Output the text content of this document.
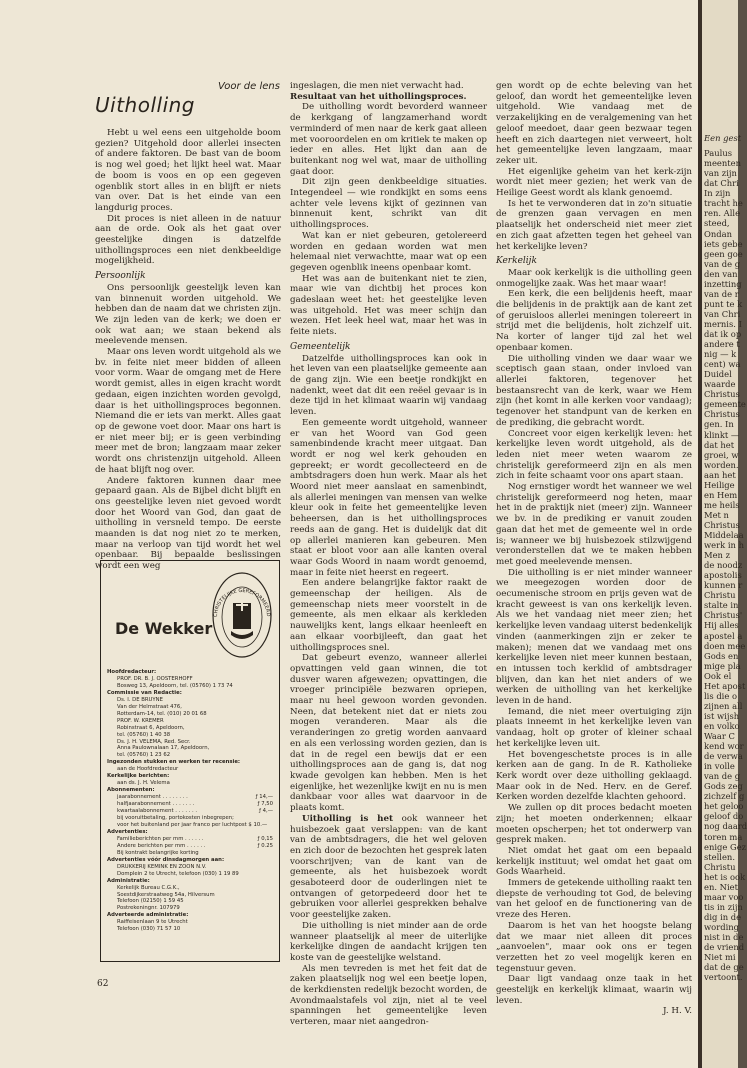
Voor de lens
Uitholling

Hebt u wel eens een uitgeholde boom gezien? Uitgehold door allerlei insecten of andere faktoren. De bast van de boom is nog wel goed; het lijkt heel wat. Maar de boom is voos en op een gegeven ogenblik stort alles in en blijft er niets van over. Dat is het einde van een langdurig proces.

Dit proces is niet alleen in de natuur aan de orde. Ook als het gaat over geestelijke dingen is datzelfde uithollingsproces een niet denkbeeldige mogelijkheid.

Persoonlijk

Ons persoonlijk geestelijk leven kan van binnenuit worden uitgehold. We hebben dan de naam dat we christen zijn. We zijn leden van de kerk; we doen er ook wat aan; we staan bekend als meelevende mensen.

Maar ons leven wordt uitgehold als we bv. in feite niet meer bidden of alleen voor vorm. Waar de omgang met de Here wordt gemist, alles in eigen kracht wordt gedaan, eigen inzichten worden gevolgd, daar is het uithollingsproces begonnen. Niemand die er iets van merkt. Alles gaat op de gewone voet door. Maar ons hart is er niet meer bij; er is geen verbinding meer met de bron; langzaam maar zeker wordt ons christenzijn uitgehold. Alleen de haat blijft nog over.

Andere faktoren kunnen daar mee gepaard gaan. Als de Bijbel dicht blijft en ons geestelijke leven niet gevoed wordt door het Woord van God, dan gaat de uitholling in versneld tempo. De eerste maanden is dat nog niet zo te merken, maar na verloop van tijd wordt het wel openbaar. Bij bepaalde beslissingen wordt een weg

CHRISTELIJKE GEREFORMEERD
De Wekker
Hoofdredacteur:
PROF. DR. B. J. OOSTERHOFF
Bosweg 13, Apeldoorn, tel. (05760) 1 73 74
Commissie van Redactie:
Ds. I. DE BRUYNE
Van der Helmstraat 476,
Rotterdam-14, tel. (010) 20 01 68
PROF. W. KREMER
Robinstraat 6, Apeldoorn,
tel. (05760) 1 40 38
Ds. J. H. VELEMA, Red. Secr.
Anna Paulownalaan 17, Apeldoorn,
tel. (05760) 1 23 62
Ingezonden stukken en werken ter recensie:
aan de Hoofdredacteur
Kerkelijke berichten:
aan ds. J. H. Velema
Abonnementen:
jaarabonnement . . . . . . . .	ƒ 14,—
halfjaarabonnement . . . . . . .	ƒ 7,50
kwartaalabonnement . . . . . . .	ƒ 4,—
bij vooruitbetaling, portokosten inbegrepen;
voor het buitenland per jaar franco per luchtpost $ 10.—
Advertenties:
Familieberichten per mm . . . . . .	ƒ 0,15
Andere berichten per mm . . . . . .	ƒ 0.25
Bij kontrakt belangrijke korting
Advertenties vóór dinsdagmorgen aan:
DRUKKERIJ KEMINK EN ZOON N.V.
Domplein 2 te Utrecht, telefoon (030) 1 19 89
Administratie:
Kerkelijk Bureau C.G.K.,
Soestdijkerstraatweg 54a, Hilversum
Telefoon (02150) 1 59 45
Postrekeningnr. 107979
Adverteerde administratie:
Raiffeisenlaan 9 te Utrecht
Telefoon (030) 71 57 10

ingeslagen, die men niet verwacht had.

Resultaat van het uithollingsproces.

De uitholling wordt bevorderd wanneer de kerkgang of langzamerhand wordt verminderd of men naar de kerk gaat alleen met vooroordelen en om kritiek te maken op ieder en alles. Het lijkt dan aan de buitenkant nog wel wat, maar de uitholling gaat door.

Dit zijn geen denkbeeldige situaties. Integendeel — wie rondkijkt en soms eens achter vele levens kijkt of gezinnen van binnenuit kent, schrikt van dit uithollingsproces.

Wat kan er niet gebeuren, getolereerd worden en gedaan worden wat men helemaal niet verwachtte, maar wat op een gegeven ogenblik ineens openbaar komt.

Het was aan de buitenkant niet te zien, maar wie van dichtbij het proces kon gadeslaan weet het: het geestelijke leven was uitgehold. Het was meer schijn dan wezen. Het leek heel wat, maar het was in feite niets.

Gemeentelijk

Datzelfde uithollingsproces kan ook in het leven van een plaatselijke gemeente aan de gang zijn. Wie een beetje rondkijkt en nadenkt, weet dat dit een reëel gevaar is in deze tijd in het klimaat waarin wij vandaag leven.

Een gemeente wordt uitgehold, wanneer er van het Woord van God geen samenbindende kracht meer uitgaat. Dan wordt er nog wel kerk gehouden en gepreekt; er wordt gecollecteerd en de ambtsdragers doen hun werk. Maar als het Woord niet meer aanslaat en samenbindt, als allerlei meningen van mensen van welke kleur ook in feite het gemeentelijke leven beheersen, dan is het uithollingsproces reeds aan de gang. Het is duidelijk dat dit op allerlei manieren kan gebeuren. Men staat er bloot voor aan alle kanten overal waar Gods Woord in naam wordt genoemd, maar in feite niet heerst en regeert.

Een andere belangrijke faktor raakt de gemeenschap der heiligen. Als de gemeenschap niets meer voorstelt in de gemeente, als men elkaar als kerkleden nauwelijks kent, langs elkaar heenleeft en aan elkaar voorbijleeft, dan gaat het uithollingsproces snel.

Dat gebeurt evenzo, wanneer allerlei opvattingen veld gaan winnen, die tot dusver waren afgewezen; opvattingen, die vroeger principiële bezwaren opriepen, maar nu heel gewoon worden gevonden. Neen, dat betekent niet dat er niets zou mogen veranderen. Maar als die veranderingen zo gretig worden aanvaard en als een verlossing worden gezien, dan is dat in de regel een bewijs dat er een uithollingsproces aan de gang is, dat nog kwade gevolgen kan hebben. Men is het eigenlijke, het wezenlijke kwijt en nu is men dankbaar voor alles wat daarvoor in de plaats komt.

Uitholling is het ook wanneer het huisbezoek gaat verslappen: van de kant van de ambtsdragers, die het wel geloven en zich door de bezochten het gesprek laten voorschrijven; van de kant van de gemeente, als het huisbezoek wordt gesaboteerd door de ouderlingen niet te ontvangen of getorpedeerd door het te gebruiken voor allerlei gesprekken behalve voor geestelijke zaken.

Die uitholling is niet minder aan de orde wanneer plaatselijk al meer de uiterlijke kerkelijke dingen de aandacht krijgen ten koste van de geestelijke welstand.

Als men tevreden is met het feit dat de zaken plaatselijk nog wel een beetje lopen, de kerkdiensten redelijk bezocht worden, de Avondmaalstafels vol zijn, niet al te veel spanningen het gemeentelijke leven verteren, maar niet aangedron-

gen wordt op de echte beleving van het geloof, dan wordt het gemeentelijke leven uitgehold. Wie vandaag met de verzakelijking en de veralgemening van het geloof meedoet, daar geen bezwaar tegen heeft en zich daartegen niet verweert, holt het gemeentelijke leven langzaam, maar zeker uit.

Het eigenlijke geheim van het kerk-zijn wordt niet meer gezien; het werk van de Heilige Geest wordt als klank genoemd.

Is het te verwonderen dat in zo'n situatie de grenzen gaan vervagen en men plaatselijk het onderscheid niet meer ziet en zich gaat afzetten tegen het geheel van het kerkelijke leven?

Kerkelijk

Maar ook kerkelijk is die uitholling geen onmogelijke zaak. Was het maar waar!

Een kerk, die een belijdenis heeft, maar die belijdenis in de praktijk aan de kant zet of geruisloos allerlei meningen tolereert in strijd met die belijdenis, holt zichzelf uit. Na korter of langer tijd zal het wel openbaar komen.

Die uitholling vinden we daar waar we sceptisch gaan staan, onder invloed van allerlei faktoren, tegenover het bestaansrecht van de kerk, waar we Hem zijn (het komt in alle kerken voor vandaag); tegenover het standpunt van de kerken en de prediking, die gebracht wordt.

Concreet voor eigen kerkelijk leven: het kerkelijke leven wordt uitgehold, als de leden niet meer weten waarom ze christelijk gereformeerd zijn en als men zich in feite schaamt voor ons apart staan.

Nog ernstiger wordt het wanneer we wel christelijk gereformeerd nog heten, maar het in de praktijk niet (meer) zijn. Wanneer we bv. in de prediking er vanuit zouden gaan dat het met de gemeente wel in orde is; wanneer we bij huisbezoek stilzwijgend veronderstellen dat we te maken hebben met goed meelevende mensen.

Die uitholling is er niet minder wanneer we meegezogen worden door de oecumenische stroom en prijs geven wat de kracht geweest is van ons kerkelijk leven. Als we het vandaag niet meer zien; het kerkelijke leven vandaag uiterst bedenkelijk vinden (aanmerkingen zijn er zeker te maken); menen dat we vandaag met ons kerkelijke leven niet meer kunnen bestaan, en intussen toch kerklid of ambtsdrager blijven, dan kan het niet anders of we werken de uitholling van het kerkelijke leven in de hand.

Iemand, die niet meer overtuiging zijn plaats inneemt in het kerkelijke leven van vandaag, holt op groter of kleiner schaal het kerkelijke leven uit.

Het bovengeschetste proces is in alle kerken aan de gang. In de R. Katholieke Kerk wordt over deze uitholling geklaagd. Maar ook in de Ned. Herv. en de Geref. Kerken worden dezelfde klachten gehoord.

We zullen op dit proces bedacht moeten zijn; het moeten onderkennen; elkaar moeten opscherpen; het tot onderwerp van gesprek maken.

Niet omdat het gaat om een bepaald kerkelijk instituut; wel omdat het gaat om Gods Waarheid.

Immers de getekende uitholling raakt ten diepste de verhouding tot God, de beleving van het geloof en de functionering van de vreze des Heren.

Daarom is het van het hoogste belang dat we maar niet alleen dit proces „aanvoelen", maar ook ons er tegen verzetten het zo veel mogelijk keren en tegenstuur geven.

Daar ligt vandaag onze taak in het geestelijk en kerkelijk klimaat, waarin wij leven.

J. H. V.

62
Een gest
Paulus
meenten
van zijn
dat Chri
In zijn
tracht he
ren. Alle
steed,
Ondan
iets gebe
geen goe
van de g
den van
inzetting
van de r
punt te k
van Chri
mernis. I
dat ik op
andere t
nig — k
cent) wa
Duidel
waarde
Christus
gemeente
Christus
gen. In
klinkt —
dat het
groei, w
worden.
aan het
Heilige
en Hem
me heils
Met n
Christus
Middelaa
werk in h
Men z
de noodz
apostolis
kunnen r
Christu
stalte in
Christus'
Hij alles
apostel a
doen mee
Gods en
mige pla
Ook el
Het apost
lis die o
zijnen all
ist wijsh
en volko
Waar C
kend wor
de verwa
in volle
van de g
Gods zeg
zichzelf g
het geloo
geloof do
nog daard
toren ma
enige Gez
stellen.
Christu
het is ook
en. Niet
maar voo
tis in zijn
dig in de
wording
nist in de
de vriend
Niet mi
dat de ge
vertoont.
